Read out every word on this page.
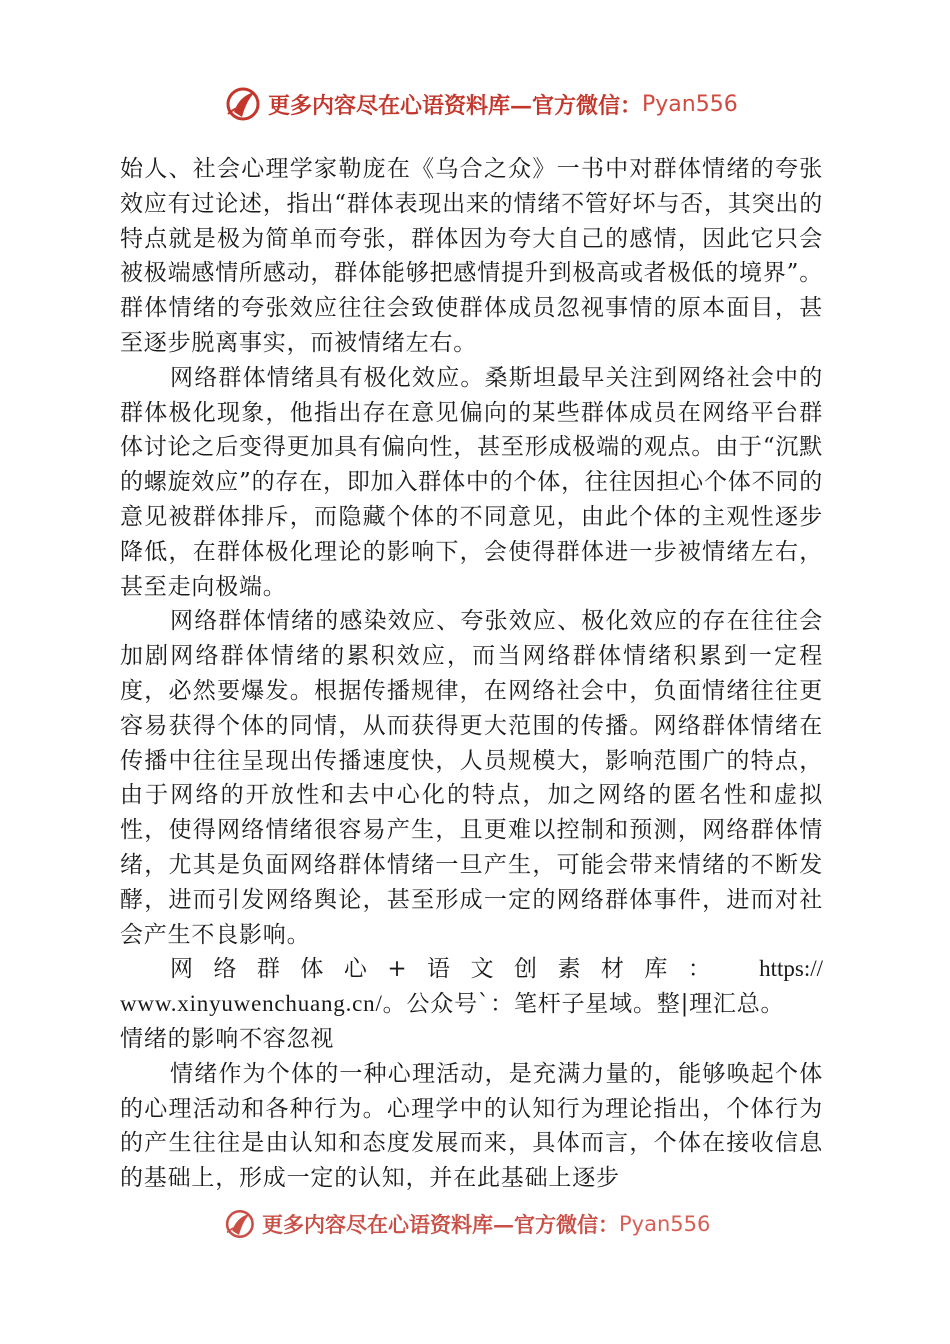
更多内容尽在心语资料库—官方微信： Pyan556

始人、社会心理学家勒庞在《乌合之众》一书中对群体情绪的夸张效应有过论述，指出“群体表现出来的情绪不管好坏与否，其突出的特点就是极为简单而夸张，群体因为夸大自己的感情，因此它只会被极端感情所感动，群体能够把感情提升到极高或者极低的境界”。群体情绪的夸张效应往往会致使群体成员忽视事情的原本面目，甚至逐步脱离事实，而被情绪左右。

网络群体情绪具有极化效应。桑斯坦最早关注到网络社会中的群体极化现象，他指出存在意见偏向的某些群体成员在网络平台群体讨论之后变得更加具有偏向性，甚至形成极端的观点。由于“沉默的螺旋效应”的存在，即加入群体中的个体，往往因担心个体不同的意见被群体排斥，而隐藏个体的不同意见，由此个体的主观性逐步降低，在群体极化理论的影响下，会使得群体进一步被情绪左右，甚至走向极端。

网络群体情绪的感染效应、夸张效应、极化效应的存在往往会加剧网络群体情绪的累积效应，而当网络群体情绪积累到一定程度，必然要爆发。根据传播规律，在网络社会中，负面情绪往往更容易获得个体的同情，从而获得更大范围的传播。网络群体情绪在传播中往往呈现出传播速度快，人员规模大，影响范围广的特点，由于网络的开放性和去中心化的特点，加之网络的匿名性和虚拟性，使得网络情绪很容易产生，且更难以控制和预测，网络群体情绪，尤其是负面网络群体情绪一旦产生，可能会带来情绪的不断发酵，进而引发网络舆论，甚至形成一定的网络群体事件，进而对社会产生不良影响。

网络群体心+语文创素材库： https://
www.xinyuwenchuang.cn/。公众号`：笔杆子星域。整|理汇总。

情绪的影响不容忽视

情绪作为个体的一种心理活动，是充满力量的，能够唤起个体的心理活动和各种行为。心理学中的认知行为理论指出，个体行为的产生往往是由认知和态度发展而来，具体而言，个体在接收信息的基础上，形成一定的认知，并在此基础上逐步

更多内容尽在心语资料库—官方微信： Pyan556
